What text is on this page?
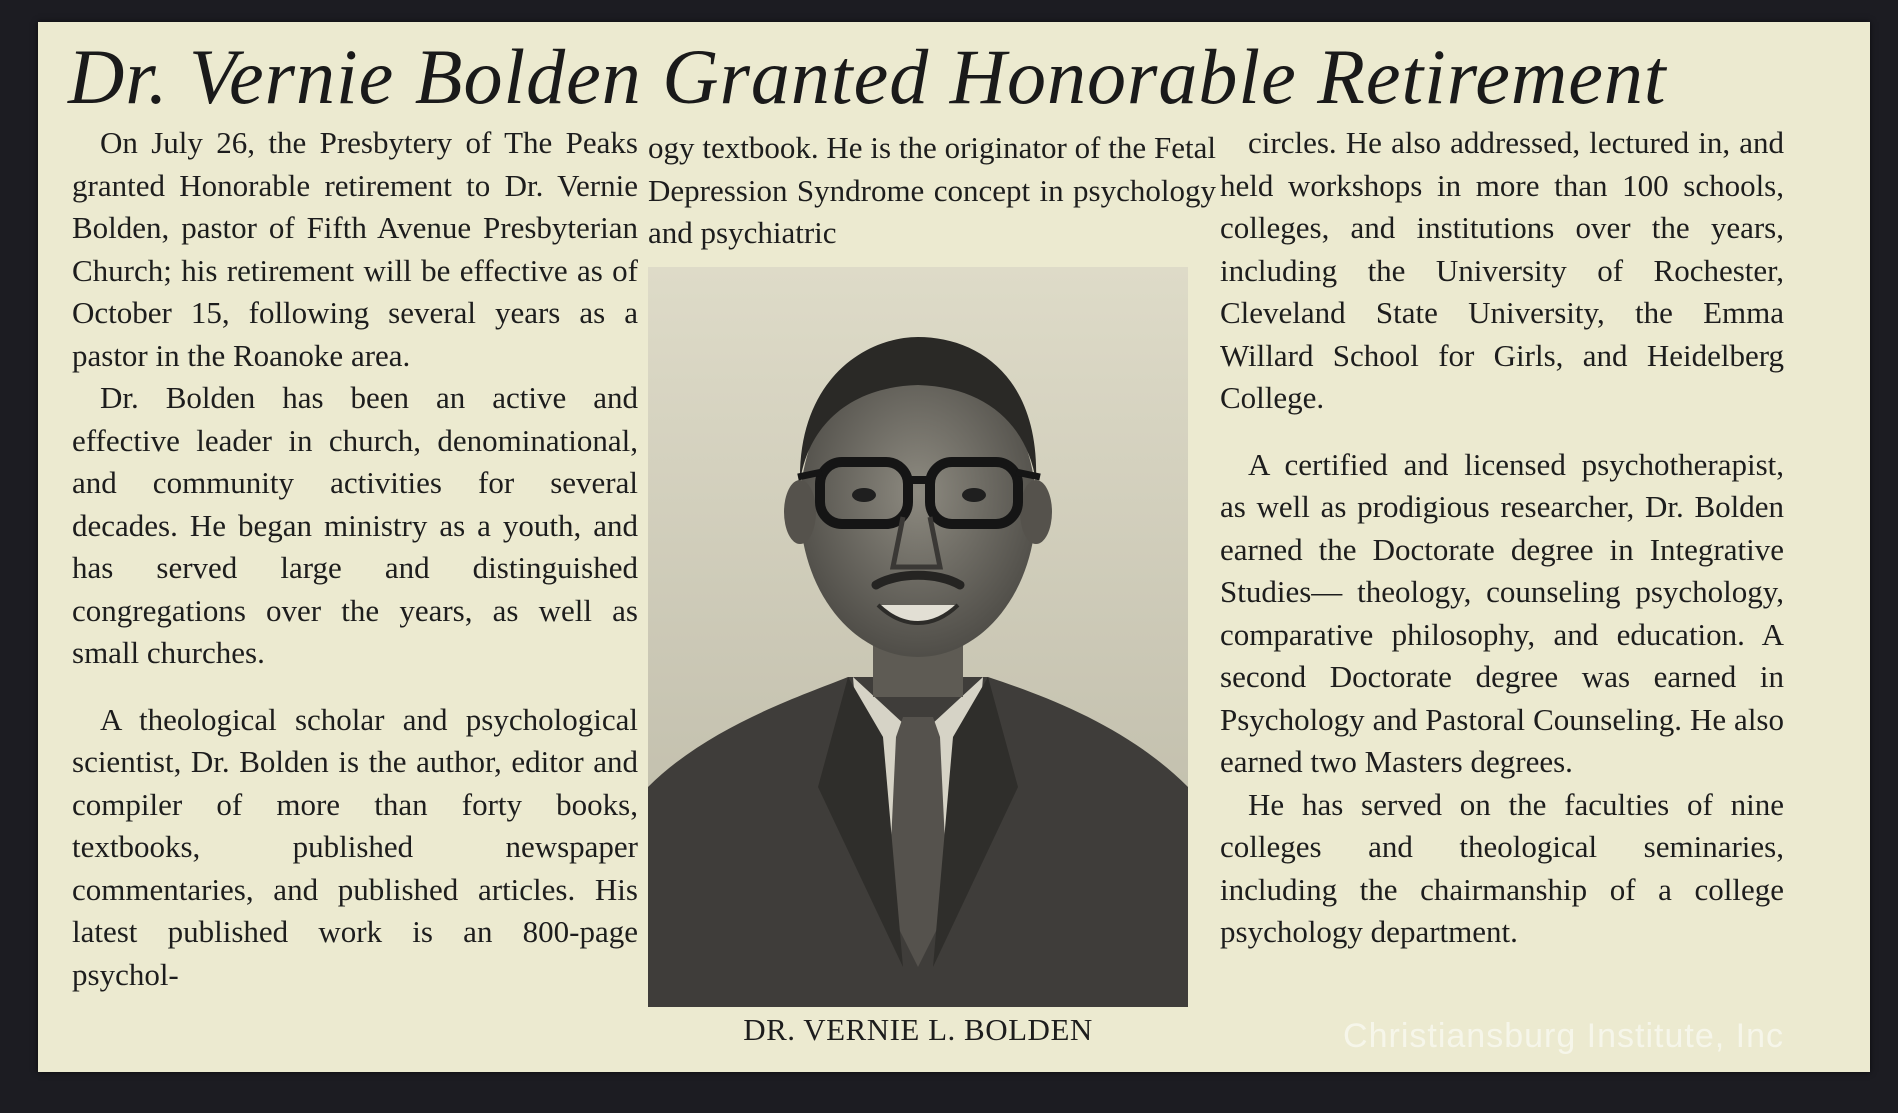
Dr. Vernie Bolden Granted Honorable Retirement

On July 26, the Presbytery of The Peaks granted Honorable retirement to Dr. Vernie Bolden, pastor of Fifth Avenue Presbyterian Church; his retirement will be effective as of October 15, following several years as a pastor in the Roanoke area.

Dr. Bolden has been an active and effective leader in church, denominational, and community activities for several decades. He began ministry as a youth, and has served large and distinguished congregations over the years, as well as small churches.

A theological scholar and psychological scientist, Dr. Bolden is the author, editor and compiler of more than forty books, textbooks, published newspaper commentaries, and published articles. His latest published work is an 800-page psychol-

ogy textbook. He is the originator of the Fetal Depression Syndrome concept in psychology and psychiatric

DR. VERNIE L. BOLDEN

circles. He also addressed, lectured in, and held workshops in more than 100 schools, colleges, and institutions over the years, including the University of Rochester, Cleveland State University, the Emma Willard School for Girls, and Heidelberg College.

A certified and licensed psychotherapist, as well as prodigious researcher, Dr. Bolden earned the Doctorate degree in Integrative Studies— theology, counseling psychology, comparative philosophy, and education. A second Doctorate degree was earned in Psychology and Pastoral Counseling. He also earned two Masters degrees.

He has served on the faculties of nine colleges and theological seminaries, including the chairmanship of a college psychology department.

Christiansburg Institute, Inc
